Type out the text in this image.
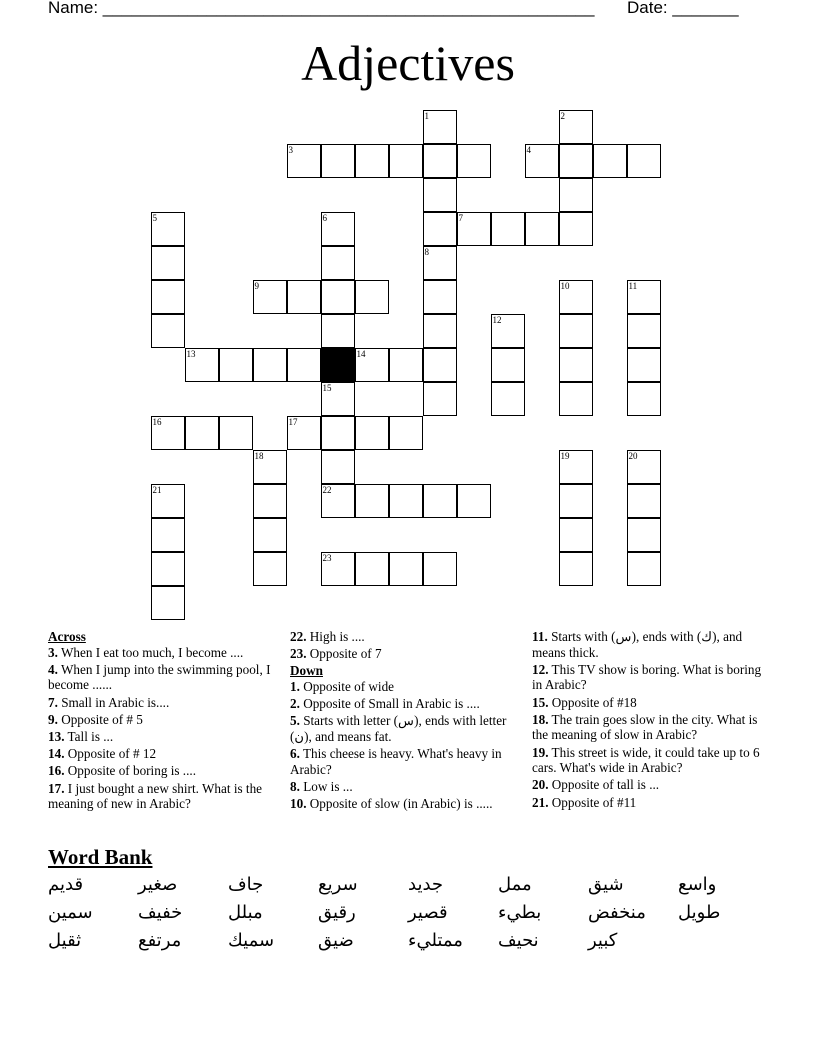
Name: ____________________________________________________ Date: _______
Adjectives
1	2
3	4
5	6	7
8
9	10	11
12
13	14
15
16	17
18	19	20
21	22
23

Across

3. When I eat too much, I become ....

4. When I jump into the swimming pool, I become ......

7. Small in Arabic is....

9. Opposite of # 5

13. Tall is ...

14. Opposite of # 12

16. Opposite of boring is ....

17. I just bought a new shirt. What is the meaning of new in Arabic?

22. High is ....

23. Opposite of 7

Down

1. Opposite of wide

2. Opposite of Small in Arabic is ....

5. Starts with letter (س), ends with letter (ن), and means fat.

6. This cheese is heavy. What's heavy in Arabic?

8. Low is ...

10. Opposite of slow (in Arabic) is .....

11. Starts with (س), ends with (ك), and means thick.

12. This TV show is boring. What is boring in Arabic?

15. Opposite of #18

18. The train goes slow in the city. What is the meaning of slow in Arabic?

19. This street is wide, it could take up to 6 cars. What's wide in Arabic?

20. Opposite of tall is ...

21. Opposite of #11

Word Bank
قديم	صغير	جاف	سريع	جديد	ممل	شيق	واسع
سمين	خفيف	مبلل	رقيق	قصير	بطيء	منخفض	طويل
ثقيل	مرتفع	سميك	ضيق	ممتليء	نحيف	كبير
